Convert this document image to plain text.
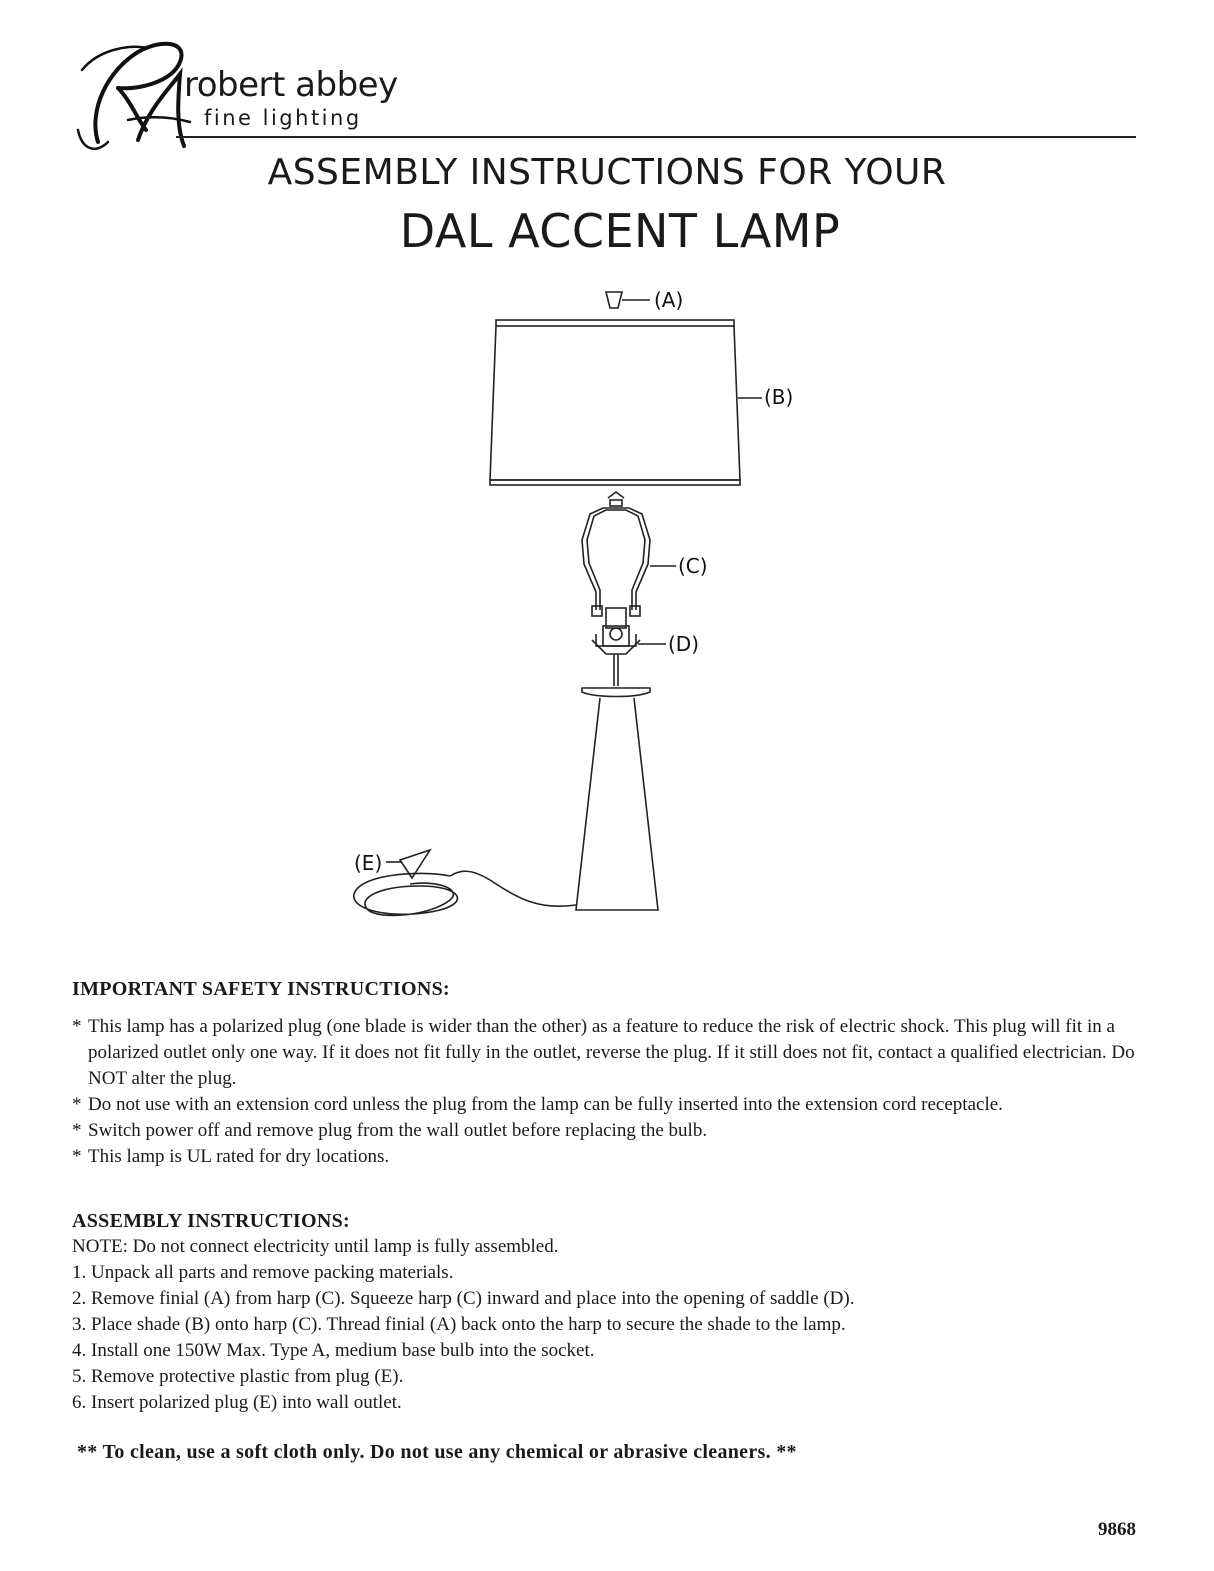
robert abbey
fine lighting
ASSEMBLY INSTRUCTIONS FOR YOUR
DAL ACCENT LAMP
(A)
(B)
(C)
(D)
(E)
IMPORTANT SAFETY INSTRUCTIONS:
* This lamp has a polarized plug (one blade is wider than the other) as a feature to reduce the risk of electric shock. This plug will fit in a polarized outlet only one way. If it does not fit fully in the outlet, reverse the plug. If it still does not fit, contact a qualified electrician. Do NOT alter the plug.
* Do not use with an extension cord unless the plug from the lamp can be fully inserted into the extension cord receptacle.
* Switch power off and remove plug from the wall outlet before replacing the bulb.
* This lamp is UL rated for dry locations.
ASSEMBLY INSTRUCTIONS:
NOTE: Do not connect electricity until lamp is fully assembled.
1. Unpack all parts and remove packing materials.
2. Remove finial (A) from harp (C). Squeeze harp (C) inward and place into the opening of saddle (D).
3. Place shade (B) onto harp (C). Thread finial (A) back onto the harp to secure the shade to the lamp.
4. Install one 150W Max. Type A, medium base bulb into the socket.
5. Remove protective plastic from plug (E).
6. Insert polarized plug (E) into wall outlet.
** To clean, use a soft cloth only. Do not use any chemical or abrasive cleaners. **
9868
